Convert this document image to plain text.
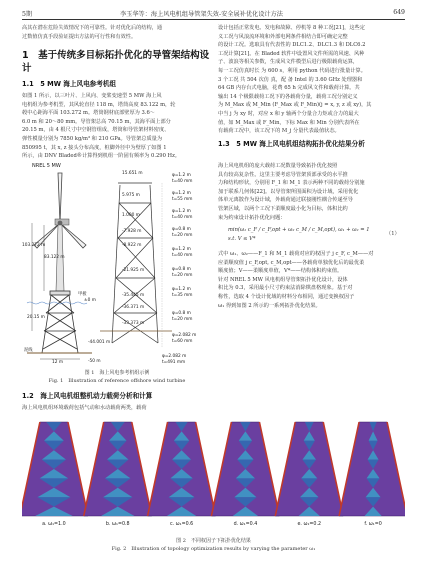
5期	李玉华等：海上风电机组导管架失效-安全展补优化设计方法	649
高其在潜在危险失效情况下的可靠性。针对优化后的结构，通
过数值仿真手段验证提出方法的可行性和有效性。
1　基于传统多目标拓扑优化的导管架结构设计
1.1　5 MW 海上风电参考机组
如图 1 所示，以三叶片、上风向、变桨变速型 5 MW 海上风
电机组为参考机型，其风轮直径 118 m，塔筒高度 83.122 m，轮
毂中心距海平面 103.272 m。塔筒钢材底部壁厚为 3.6～
6.0 m 和 20～80 mm。导管架总高 70.15 m，其海平面上部分
20.15 m，由 4 根尺寸中空钢管组成，塔筒和导管架材料密度、
弹性模量分别为 7850 kg/m³ 和 210 GPa。导管架总质量为
850995 t，其 x, z 接头分布高度，桩脚外径中为壁厚了如图 1
所示，由 DNV Bladed®计算得到机组一阶固有频率为 0.290 Hz。
NREL 5 MW
103.272 m
83.122 m
20.15 m
甲板
泥线
12 m
±0 m
-44.001 m
-50 m
φ=2.082 m
t=491 mm
15.651 m
5.975 m
1.000 m
-7.928 m
-8.922 m
-21.925 m
-35.445 m
-36.371 m
-33.373 m
φ=1.2 m
t=40 mm
φ=1.2 m
t=55 mm
φ=1.2 m
t=40 mm
φ=0.8 m
t=20 mm
φ=1.2 m
t=40 mm
φ=0.8 m
t=20 mm
φ=1.2 m
t=35 mm
φ=0.8 m
t=20 mm
φ=2.082 m
t=60 mm
图 1　海上风电参考机组示例
Fig. 1　Illustration of reference offshore wind turbine
1.2　海上风电机组整机动力载荷分析和计算
海上风电机组环境载荷包括气动和水动载荷两类，载荷
设计包括正常发电、发电和故障、停机等 8 种工况[21]，这些定
义工况与风浪流环境和外部电网条件相结合即可确定完整
的设计工况。选取具有代表性的 DLC1.2、DLC1.3 和 DLC6.2
工况计算[21]。在 Bladed 软件中设置风文件所需的风速、风种
子、波浪等相关参数，生成风文件模型后进行极限载荷运算，
每一工况仿真时长 为 600 s，利用 python 代码进行批量计算。
3 个工况 共 504 次仿 真，配 备 Intel 的 3.60 GHz 处理器和
64 GB 内存台式电脑，花费 65 h 完成风文件和载荷计算。共
输出 14 个极限载荷工况下的各载荷分量，载荷工况分别定义
为 M_Max 或 M_Min (F_Max 或 F_Min)(j = x, y, z 或 xy)，其
中当 j 为 xy 时，对应 x 和 y 轴两个分量合力矩或合力的最大
值，如 M_Max 或 F_Min，下标 Max 和 Min 分别代表所在
有载荷工况中，该工况下的 M_j 分量代表最值状态。
1.3　5 MW 海上风电机组结构拓扑优化结果分析
海上风电机组的庞大载荷工况数量导致拓扑优化按照
具有较高复杂性。这里主要考虑导管架顶部承受的水平推
力和结构形状，分别用 F_1 和 M_1 表示两种不同的载荷分别施
加于联系几何体[22]。以导管架所围面积为设计域，采用优化
体单元离散作为设计域，外载荷通过联接刚性耦合传递至导
管架区域，以两个工况下柔顺度最小化为目标，体积比约
束为约束设计拓扑优化问题：
min(ω₁ c_F / c_F,opt + ω₂ c_M / c_M,opt), ω₁ + ω₂ = 1
s.t. V ≤ V*
（1）
式中 ω₁、ω₂——F_1 和 M_1 载荷对应的权因子 j c_F, c_M——对
应柔顺度值 j c_F,opt, c_M,opt——各载荷单独优化后的最优柔
顺度值；V——柔顺度单值，V*——结构体积约束值。
针对 NREL 5 MW 风电机组导管架拓扑优化设计，设体
积比为 0.3，采用最小尺寸约束法消除棋盘格现象。基于对
称性，选取 4 个设计优域的材料分布相同，通过变换权因子
ω₁ 得到如图 2 所示的一系列拓扑优化结果。
a. ω₁=1.0	b. ω₁=0.8	c. ω₁=0.6	d. ω₁=0.4	e. ω₁=0.2	f. ω₁=0
图 2　不同权因子下拓扑优化结果
Fig. 2　Illustration of topology optimization results by varying the parameter ω₁
